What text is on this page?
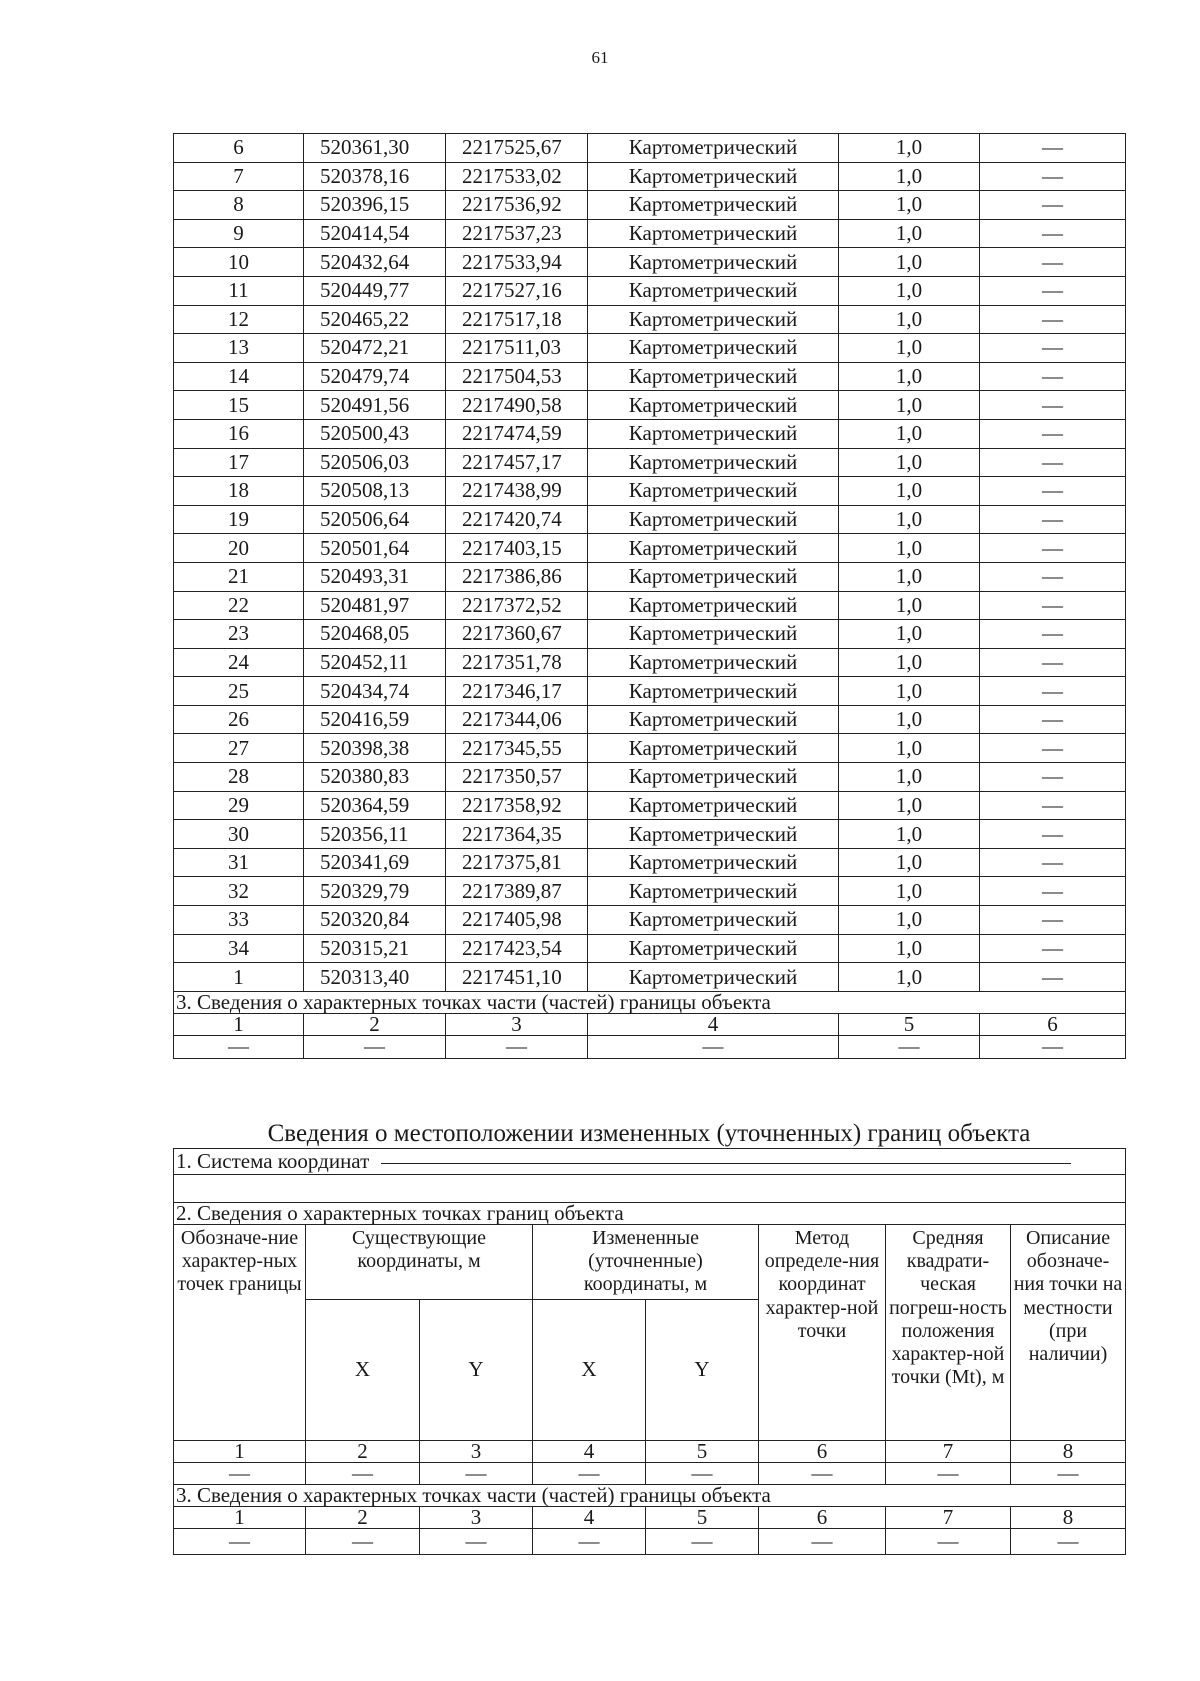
61
6	520361,30	2217525,67	Картометрический	1,0	—
7	520378,16	2217533,02	Картометрический	1,0	—
8	520396,15	2217536,92	Картометрический	1,0	—
9	520414,54	2217537,23	Картометрический	1,0	—
10	520432,64	2217533,94	Картометрический	1,0	—
11	520449,77	2217527,16	Картометрический	1,0	—
12	520465,22	2217517,18	Картометрический	1,0	—
13	520472,21	2217511,03	Картометрический	1,0	—
14	520479,74	2217504,53	Картометрический	1,0	—
15	520491,56	2217490,58	Картометрический	1,0	—
16	520500,43	2217474,59	Картометрический	1,0	—
17	520506,03	2217457,17	Картометрический	1,0	—
18	520508,13	2217438,99	Картометрический	1,0	—
19	520506,64	2217420,74	Картометрический	1,0	—
20	520501,64	2217403,15	Картометрический	1,0	—
21	520493,31	2217386,86	Картометрический	1,0	—
22	520481,97	2217372,52	Картометрический	1,0	—
23	520468,05	2217360,67	Картометрический	1,0	—
24	520452,11	2217351,78	Картометрический	1,0	—
25	520434,74	2217346,17	Картометрический	1,0	—
26	520416,59	2217344,06	Картометрический	1,0	—
27	520398,38	2217345,55	Картометрический	1,0	—
28	520380,83	2217350,57	Картометрический	1,0	—
29	520364,59	2217358,92	Картометрический	1,0	—
30	520356,11	2217364,35	Картометрический	1,0	—
31	520341,69	2217375,81	Картометрический	1,0	—
32	520329,79	2217389,87	Картометрический	1,0	—
33	520320,84	2217405,98	Картометрический	1,0	—
34	520315,21	2217423,54	Картометрический	1,0	—
1	520313,40	2217451,10	Картометрический	1,0	—
3. Сведения о характерных точках части (частей) границы объекта					
1	2	3	4	5	6
—	—	—	—	—	—
Сведения о местоположении измененных (уточненных) границ объекта
1. Система координат							

2. Сведения о характерных точках границ объекта							
Обозначе-ние характер-ных точек границы	Существующие координаты, м		Измененные (уточненные) координаты, м		Метод определе-ния координат характер-ной точки	Средняя квадрати-ческая погреш-ность положения характер-ной точки (Mt), м	Описание обозначе-ния точки на местности (при наличии)
	X	Y	X	Y			
1	2	3	4	5	6	7	8
—	—	—	—	—	—	—	—
3. Сведения о характерных точках части (частей) границы объекта							
1	2	3	4	5	6	7	8
—	—	—	—	—	—	—	—
